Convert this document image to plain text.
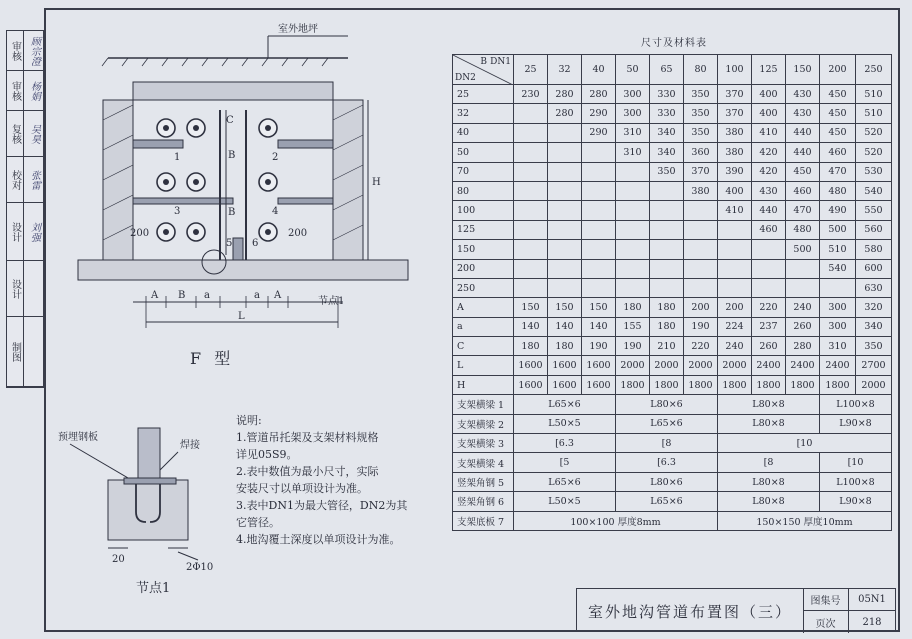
审核 顾宗澄
审核 杨娟
复核 吴昊
校对 张雷
设计 刘强
设计
制图
室外地坪
节点1
A B a	a A
L
C
B
B
H
200	200
1	2
3	4
5 6
F 型
预埋钢板
焊接
20
2Φ10
节点1
说明:
1.管道吊托架及支架材料规格
详见05S9。
2.表中数值为最小尺寸，实际
安装尺寸以单项设计为准。
3.表中DN1为最大管径，DN2为其
它管径。
4.地沟覆土深度以单项设计为准。
尺寸及材料表
B DN1
DN2	25	32	40	50	65	80	100	125	150	200	250
25	230	280	280	300	330	350	370	400	430	450	510
32		280	290	300	330	350	370	400	430	450	510
40			290	310	340	350	380	410	440	450	520
50				310	340	360	380	420	440	460	520
70					350	370	390	420	450	470	530
80						380	400	430	460	480	540
100							410	440	470	490	550
125								460	480	500	560
150									500	510	580
200										540	600
250											630
A	150	150	150	180	180	200	200	220	240	300	320
a	140	140	140	155	180	190	224	237	260	300	340
C	180	180	190	190	210	220	240	260	280	310	350
L	1600	1600	1600	2000	2000	2000	2000	2400	2400	2400	2700
H	1600	1600	1600	1800	1800	1800	1800	1800	1800	1800	2000
支架横梁 1	L65×6			L80×6			L80×8			L100×8	
支架横梁 2	L50×5			L65×6			L80×8			L90×8	
支架横梁 3	[6.3			[8			[10				
支架横梁 4	[5			[6.3			[8			[10	
竖架角钢 5	L65×6			L80×6			L80×8			L100×8	
竖架角钢 6	L50×5			L65×6			L80×8			L90×8	
支架底板 7	100×100 厚度8mm						150×150 厚度10mm				
室外地沟管道布置图（三）
图集号	05N1
页次	218
